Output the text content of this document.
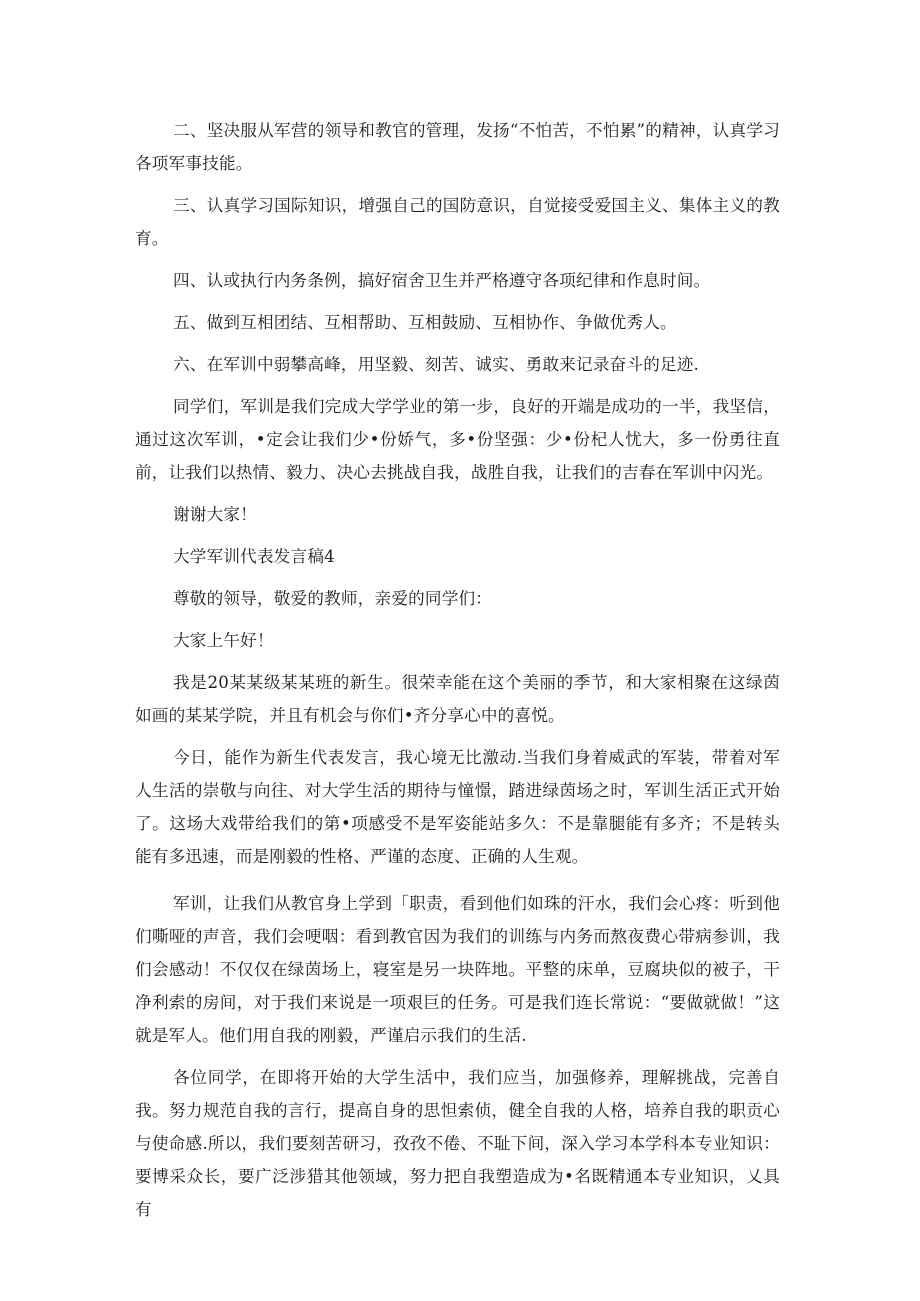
二、坚决服从军营的领导和教官的管理，发扬“不怕苦，不怕累”的精神，认真学习各项军事技能。

三、认真学习国际知识，增强自己的国防意识，自觉接受爱国主义、集体主义的教育。

四、认或执行内务条例，搞好宿舍卫生并严格遵守各项纪律和作息时间。

五、做到互相团结、互相帮助、互相鼓励、互相协作、争做优秀人。

六、在军训中弱攀高峰，用坚毅、刻苦、诚实、勇敢来记录奋斗的足迹.

同学们，军训是我们完成大学学业的第一步，良好的开端是成功的一半，我坚信，通过这次军训，•定会让我们少•份娇气，多•份坚强：少•份杞人忧大，多一份勇往直前，让我们以热情、毅力、决心去挑战自我，战胜自我，让我们的吉春在军训中闪光。

谢谢大家！

大学军训代表发言稿4

尊敬的领导，敬爱的教师，亲爱的同学们：

大家上午好！

我是20某某级某某班的新生。很荣幸能在这个美丽的季节，和大家相聚在这绿茵如画的某某学院，并且有机会与你们•齐分享心中的喜悦。

今日，能作为新生代表发言，我心境无比激动.当我们身着威武的军装，带着对军人生活的崇敬与向往、对大学生活的期待与憧憬，踏进绿茵场之时，军训生活正式开始了。这场大戏带给我们的第•项感受不是军姿能站多久：不是靠腿能有多齐；不是转头能有多迅速，而是刚毅的性格、严谨的态度、正确的人生观。

军训，让我们从教官身上学到「职责，看到他们如珠的汗水，我们会心疼：听到他们嘶哑的声音，我们会哽咽：看到教官因为我们的训练与内务而熬夜费心带病参训，我们会感动！不仅仅在绿茵场上，寝室是另一块阵地。平整的床单，豆腐块似的被子，干净利索的房间，对于我们来说是一项艰巨的任务。可是我们连长常说：“要做就做！”这就是军人。他们用自我的刚毅，严谨启示我们的生活.

各位同学，在即将开始的大学生活中，我们应当，加强修养，理解挑战，完善自我。努力规范自我的言行，提高自身的思怛索侦，健全自我的人格，培养自我的职贡心与使命感.所以，我们要刻苦研习，孜孜不倦、不耻下间，深入学习本学科本专业知识：要博采众长，要广泛涉猎其他领域，努力把自我塑造成为•名既精通本专业知识，乂具有
